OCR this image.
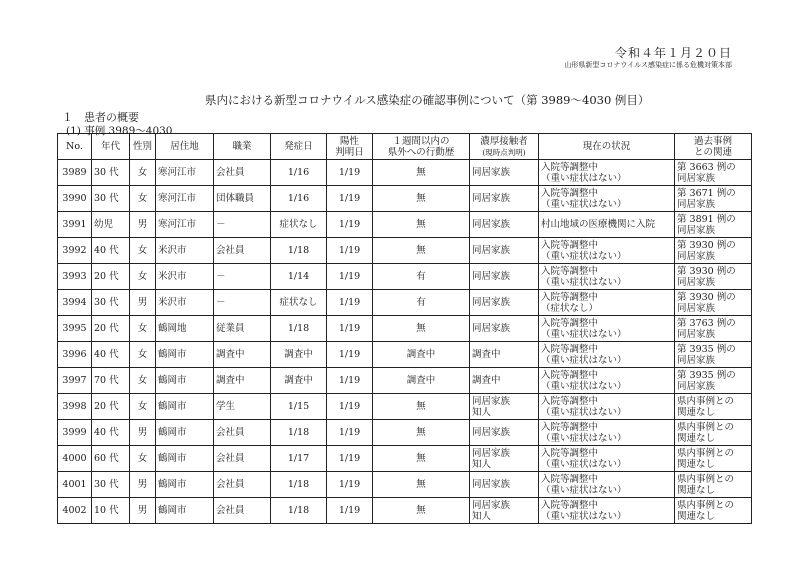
令和４年１月２０日
山形県新型コロナウイルス感染症に係る危機対策本部
県内における新型コロナウイルス感染症の確認事例について（第 3989～4030 例目）
１　患者の概要
(1) 事例 3989～4030
No.	年代	性別	居住地	職業	発症日	陽性
判明日	１週間以内の
県外への行動歴	濃厚接触者
(現時点判明)	現在の状況	過去事例
との関連
3989	30 代	女	寒河江市	会社員	1/16	1/19	無	同居家族	入院等調整中
（重い症状はない）	第 3663 例の
同居家族
3990	30 代	女	寒河江市	団体職員	1/16	1/19	無	同居家族	入院等調整中
（重い症状はない）	第 3671 例の
同居家族
3991	幼児	男	寒河江市	－	症状なし	1/19	無	同居家族	村山地域の医療機関に入院	第 3891 例の
同居家族
3992	40 代	女	米沢市	会社員	1/18	1/19	無	同居家族	入院等調整中
（重い症状はない）	第 3930 例の
同居家族
3993	20 代	女	米沢市	－	1/14	1/19	有	同居家族	入院等調整中
（重い症状はない）	第 3930 例の
同居家族
3994	30 代	男	米沢市	－	症状なし	1/19	有	同居家族	入院等調整中
（症状なし）	第 3930 例の
同居家族
3995	20 代	女	鶴岡地	従業員	1/18	1/19	無	同居家族	入院等調整中
（重い症状はない）	第 3763 例の
同居家族
3996	40 代	女	鶴岡市	調査中	調査中	1/19	調査中	調査中	入院等調整中
（重い症状はない）	第 3935 例の
同居家族
3997	70 代	女	鶴岡市	調査中	調査中	1/19	調査中	調査中	入院等調整中
（重い症状はない）	第 3935 例の
同居家族
3998	20 代	女	鶴岡市	学生	1/15	1/19	無	同居家族
知人	入院等調整中
（重い症状はない）	県内事例との
関連なし
3999	40 代	男	鶴岡市	会社員	1/18	1/19	無	同居家族	入院等調整中
（重い症状はない）	県内事例との
関連なし
4000	60 代	女	鶴岡市	会社員	1/17	1/19	無	同居家族
知人	入院等調整中
（重い症状はない）	県内事例との
関連なし
4001	30 代	男	鶴岡市	会社員	1/18	1/19	無	同居家族	入院等調整中
（重い症状はない）	県内事例との
関連なし
4002	10 代	男	鶴岡市	会社員	1/18	1/19	無	同居家族
知人	入院等調整中
（重い症状はない）	県内事例との
関連なし
